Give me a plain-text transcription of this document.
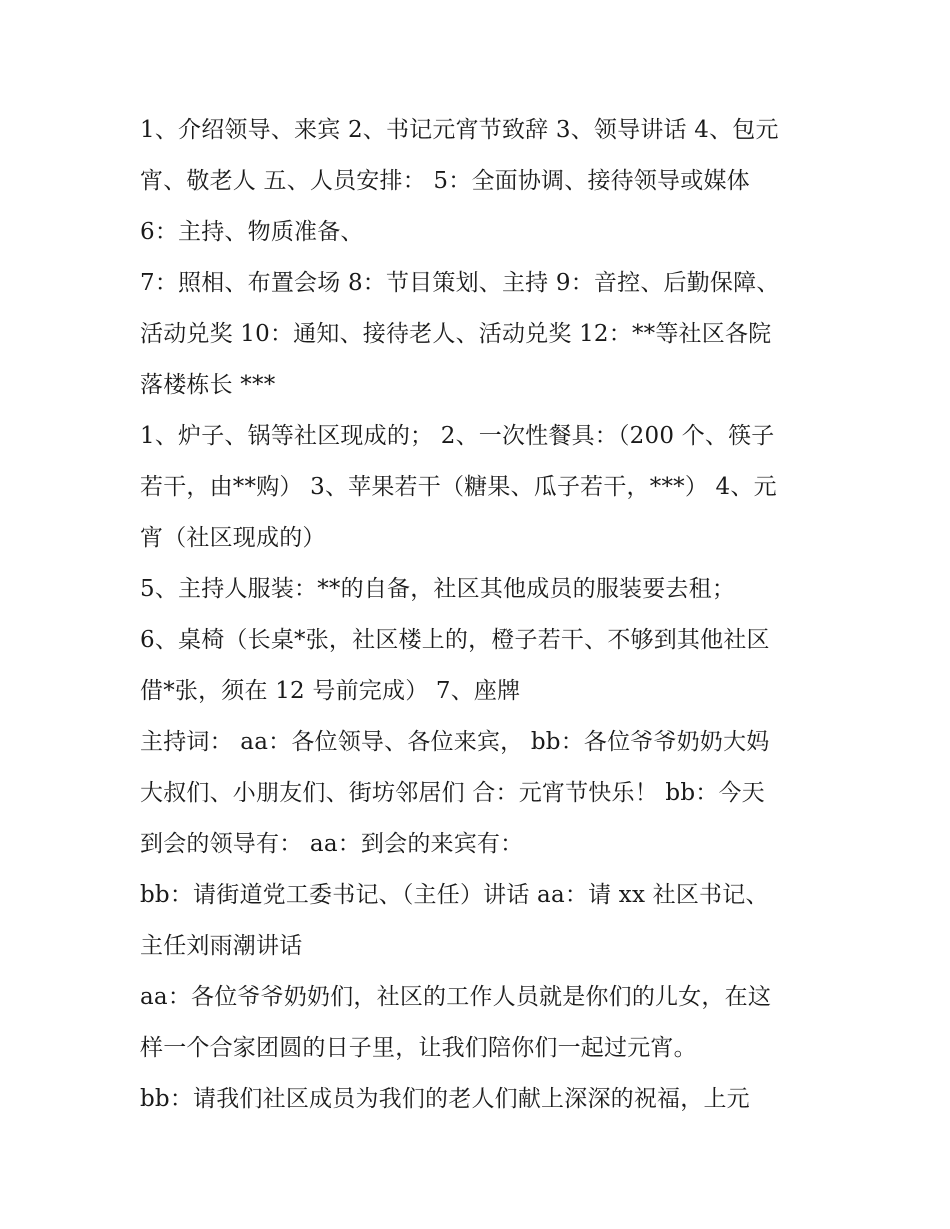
1、介绍领导、来宾 2、书记元宵节致辞 3、领导讲话 4、包元
宵、敬老人 五、人员安排： 5：全面协调、接待领导或媒体
6：主持、物质准备、
7：照相、布置会场 8：节目策划、主持 9：音控、后勤保障、
活动兑奖 10：通知、接待老人、活动兑奖 12：**等社区各院
落楼栋长 ***
1、炉子、锅等社区现成的； 2、一次性餐具：（200 个、筷子
若干，由**购） 3、苹果若干（糖果、瓜子若干，***） 4、元
宵（社区现成的）
5、主持人服装：**的自备，社区其他成员的服装要去租；
6、桌椅（长桌*张，社区楼上的，橙子若干、不够到其他社区
借*张，须在 12 号前完成） 7、座牌
主持词： aa：各位领导、各位来宾， bb：各位爷爷奶奶大妈
大叔们、小朋友们、街坊邻居们 合：元宵节快乐！ bb：今天
到会的领导有： aa：到会的来宾有：
bb：请街道党工委书记、（主任）讲话 aa：请 xx 社区书记、
主任刘雨潮讲话
aa：各位爷爷奶奶们，社区的工作人员就是你们的儿女，在这
样一个合家团圆的日子里，让我们陪你们一起过元宵。
bb：请我们社区成员为我们的老人们献上深深的祝福，上元
